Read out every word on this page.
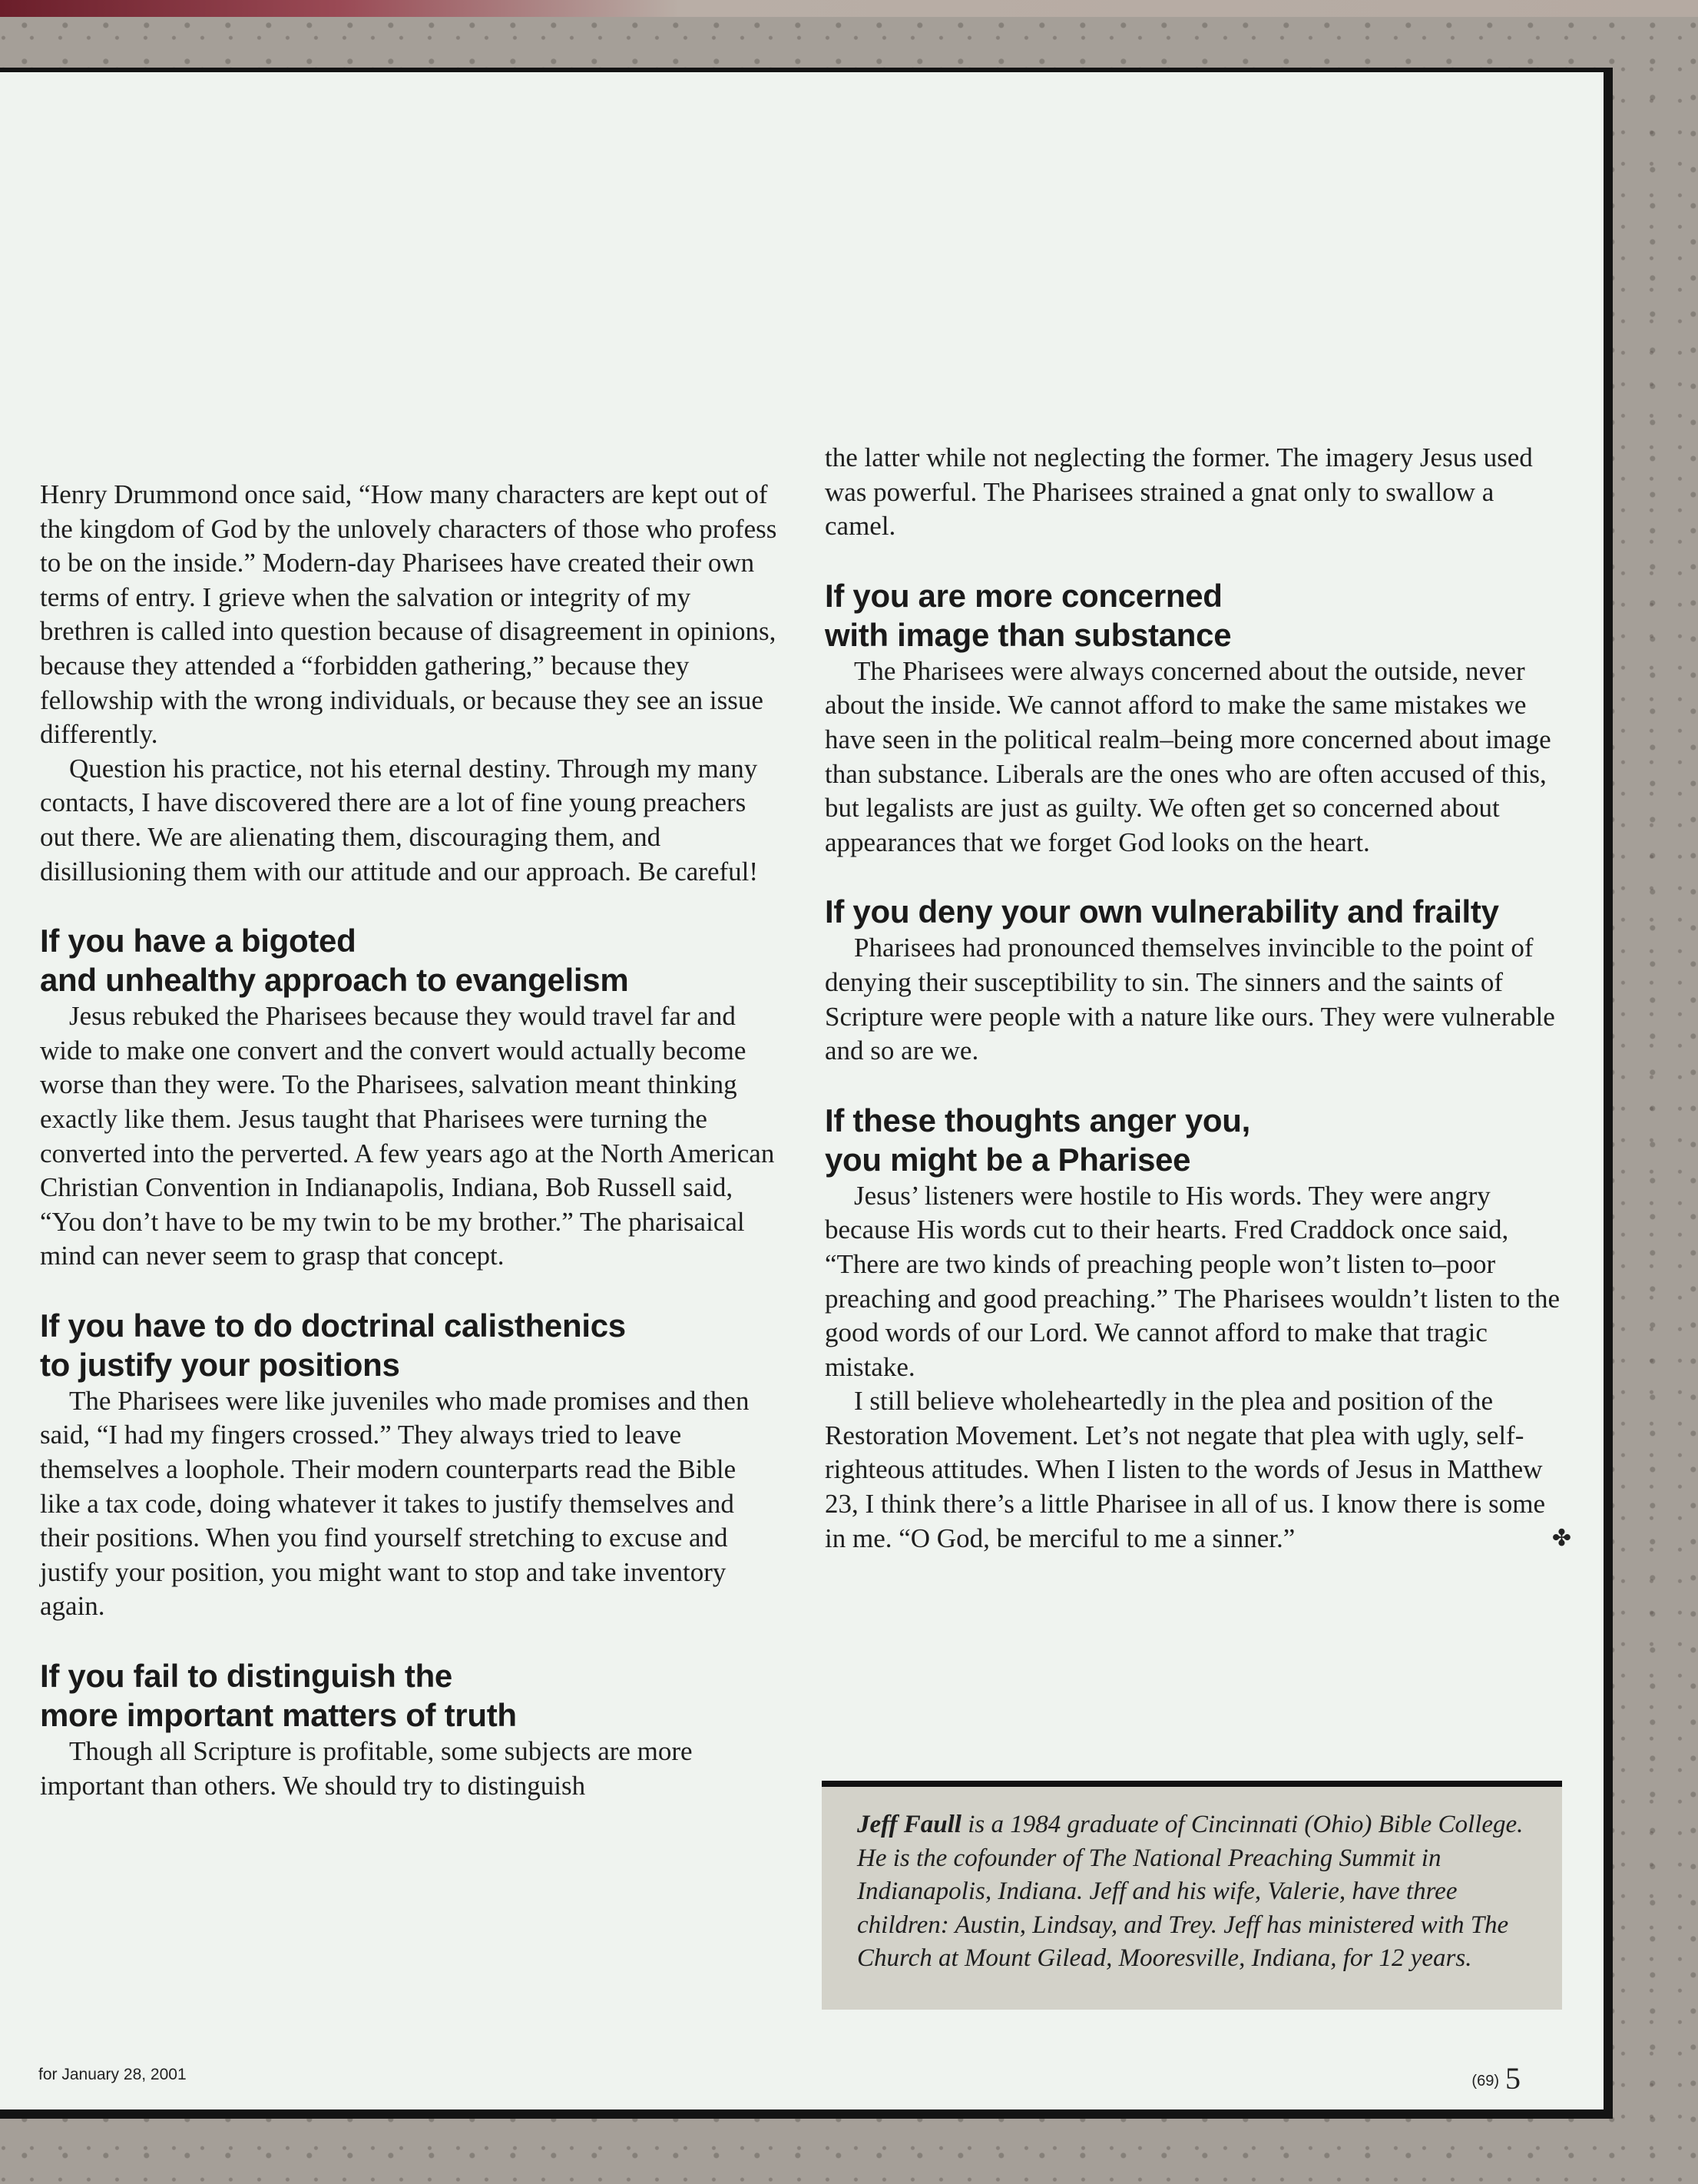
Henry Drummond once said, “How many characters are kept out of the kingdom of God by the unlovely characters of those who profess to be on the inside.” Modern-day Pharisees have created their own terms of entry. I grieve when the salvation or integrity of my brethren is called into question because of disagreement in opinions, because they attended a “forbidden gathering,” because they fellowship with the wrong individuals, or because they see an issue differently.

Question his practice, not his eternal destiny. Through my many contacts, I have discovered there are a lot of fine young preachers out there. We are alienating them, discouraging them, and disillusioning them with our attitude and our approach. Be careful!

If you have a bigoted
and unhealthy approach to evangelism

Jesus rebuked the Pharisees because they would travel far and wide to make one convert and the convert would actually become worse than they were. To the Pharisees, salvation meant thinking exactly like them. Jesus taught that Pharisees were turning the converted into the perverted. A few years ago at the North American Christian Convention in Indianapolis, Indiana, Bob Russell said, “You don’t have to be my twin to be my brother.” The pharisaical mind can never seem to grasp that concept.

If you have to do doctrinal calisthenics
to justify your positions

The Pharisees were like juveniles who made promises and then said, “I had my fingers crossed.” They always tried to leave themselves a loophole. Their modern counterparts read the Bible like a tax code, doing whatever it takes to justify themselves and their positions. When you find yourself stretching to excuse and justify your position, you might want to stop and take inventory again.

If you fail to distinguish the
more important matters of truth

Though all Scripture is profitable, some subjects are more important than others. We should try to distinguish

the latter while not neglecting the former. The imagery Jesus used was powerful. The Pharisees strained a gnat only to swallow a camel.

If you are more concerned
with image than substance

The Pharisees were always concerned about the outside, never about the inside. We cannot afford to make the same mistakes we have seen in the political realm–being more concerned about image than substance. Liberals are the ones who are often accused of this, but legalists are just as guilty. We often get so concerned about appearances that we forget God looks on the heart.

If you deny your own vulnerability and frailty

Pharisees had pronounced themselves invincible to the point of denying their susceptibility to sin. The sinners and the saints of Scripture were people with a nature like ours. They were vulnerable and so are we.

If these thoughts anger you,
you might be a Pharisee

Jesus’ listeners were hostile to His words. They were angry because His words cut to their hearts. Fred Craddock once said, “There are two kinds of preaching people won’t listen to–poor preaching and good preaching.” The Pharisees wouldn’t listen to the good words of our Lord. We cannot afford to make that tragic mistake.

I still believe wholeheartedly in the plea and position of the Restoration Movement. Let’s not negate that plea with ugly, self-righteous attitudes. When I listen to the words of Jesus in Matthew 23, I think there’s a little Pharisee in all of us. I know there is some in me. “O God, be merciful to me a sinner.”	✤

Jeff Faull is a 1984 graduate of Cincinnati (Ohio) Bible College. He is the cofounder of The National Preaching Summit in Indianapolis, Indiana. Jeff and his wife, Valerie, have three children: Austin, Lindsay, and Trey. Jeff has ministered with The Church at Mount Gilead, Mooresville, Indiana, for 12 years.
for January 28, 2001	(69) 5
